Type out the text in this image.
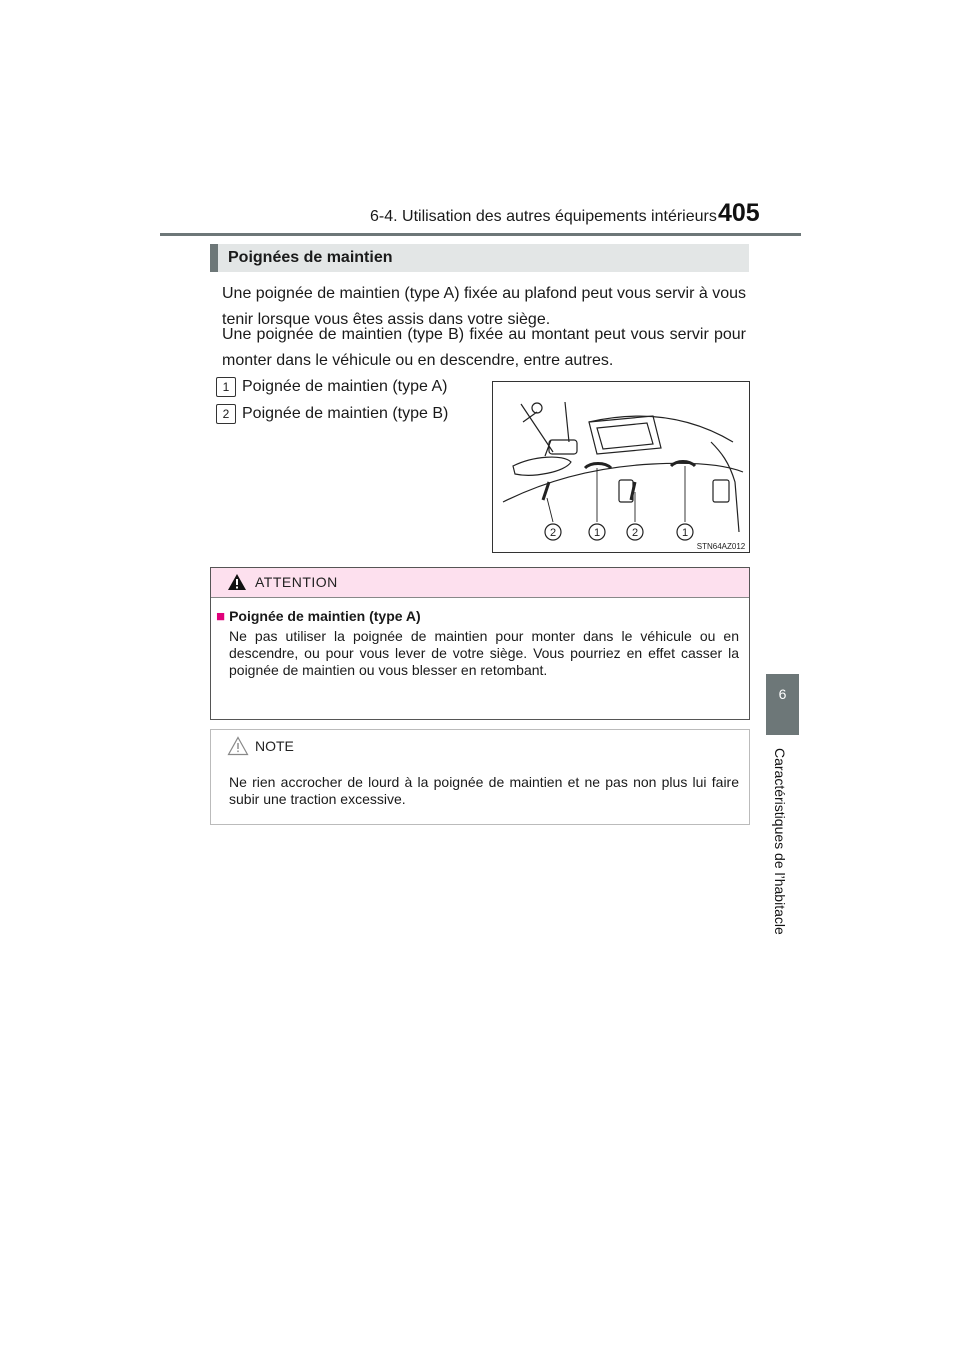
6-4. Utilisation des autres équipements intérieurs 405
6
Caractéristiques de l’habitacle
Poignées de maintien
Une poignée de maintien (type A) fixée au plafond peut vous servir à vous tenir lorsque vous êtes assis dans votre siège.
Une poignée de maintien (type B) fixée au montant peut vous servir pour monter dans le véhicule ou en descendre, entre autres.
1 Poignée de maintien (type A)
2 Poignée de maintien (type B)
2	1	2	1
STN64AZ012
ATTENTION
■ Poignée de maintien (type A)
Ne pas utiliser la poignée de maintien pour monter dans le véhicule ou en descendre, ou pour vous lever de votre siège. Vous pourriez en effet casser la poignée de maintien ou vous blesser en retombant.
NOTE
Ne rien accrocher de lourd à la poignée de maintien et ne pas non plus lui faire subir une traction excessive.
